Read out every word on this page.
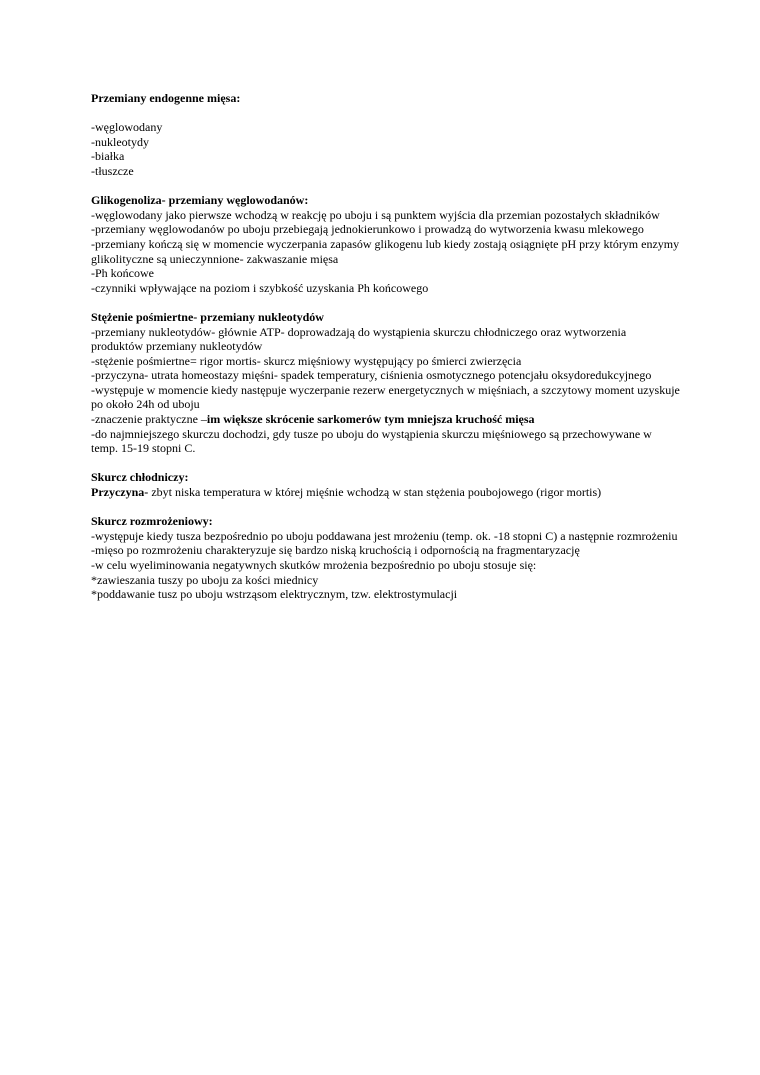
Przemiany endogenne mięsa:

-węglowodany

-nukleotydy

-białka

-tłuszcze

Glikogenoliza- przemiany węglowodanów:

-węglowodany jako pierwsze wchodzą w reakcję po uboju i są punktem wyjścia dla przemian pozostałych składników

-przemiany węglowodanów po uboju przebiegają jednokierunkowo i prowadzą do wytworzenia kwasu mlekowego

-przemiany kończą się w momencie wyczerpania zapasów glikogenu lub kiedy zostają osiągnięte pH przy którym enzymy glikolityczne są unieczynnione- zakwaszanie mięsa

-Ph końcowe

-czynniki wpływające na poziom i szybkość uzyskania Ph końcowego

Stężenie pośmiertne- przemiany nukleotydów

-przemiany nukleotydów- głównie ATP- doprowadzają do wystąpienia skurczu chłodniczego oraz wytworzenia produktów przemiany nukleotydów

-stężenie pośmiertne= rigor mortis- skurcz mięśniowy występujący po śmierci zwierzęcia

-przyczyna- utrata homeostazy mięśni- spadek temperatury, ciśnienia osmotycznego potencjału oksydoredukcyjnego

-występuje w momencie kiedy następuje wyczerpanie rezerw energetycznych w mięśniach, a szczytowy moment uzyskuje po około 24h od uboju

-znaczenie praktyczne –im większe skrócenie sarkomerów tym mniejsza kruchość mięsa

-do najmniejszego skurczu dochodzi, gdy tusze po uboju do wystąpienia skurczu mięśniowego są przechowywane w temp. 15-19 stopni C.

Skurcz chłodniczy:

Przyczyna- zbyt niska temperatura w której mięśnie wchodzą w stan stężenia poubojowego (rigor mortis)

Skurcz rozmrożeniowy:

-występuje kiedy tusza bezpośrednio po uboju poddawana jest mrożeniu (temp. ok. -18 stopni C) a następnie rozmrożeniu

-mięso po rozmrożeniu charakteryzuje się bardzo niską kruchością i odpornością na fragmentaryzację

-w celu wyeliminowania negatywnych skutków mrożenia bezpośrednio po uboju stosuje się:

*zawieszania tuszy po uboju za kości miednicy

*poddawanie tusz po uboju wstrząsom elektrycznym, tzw. elektrostymulacji
